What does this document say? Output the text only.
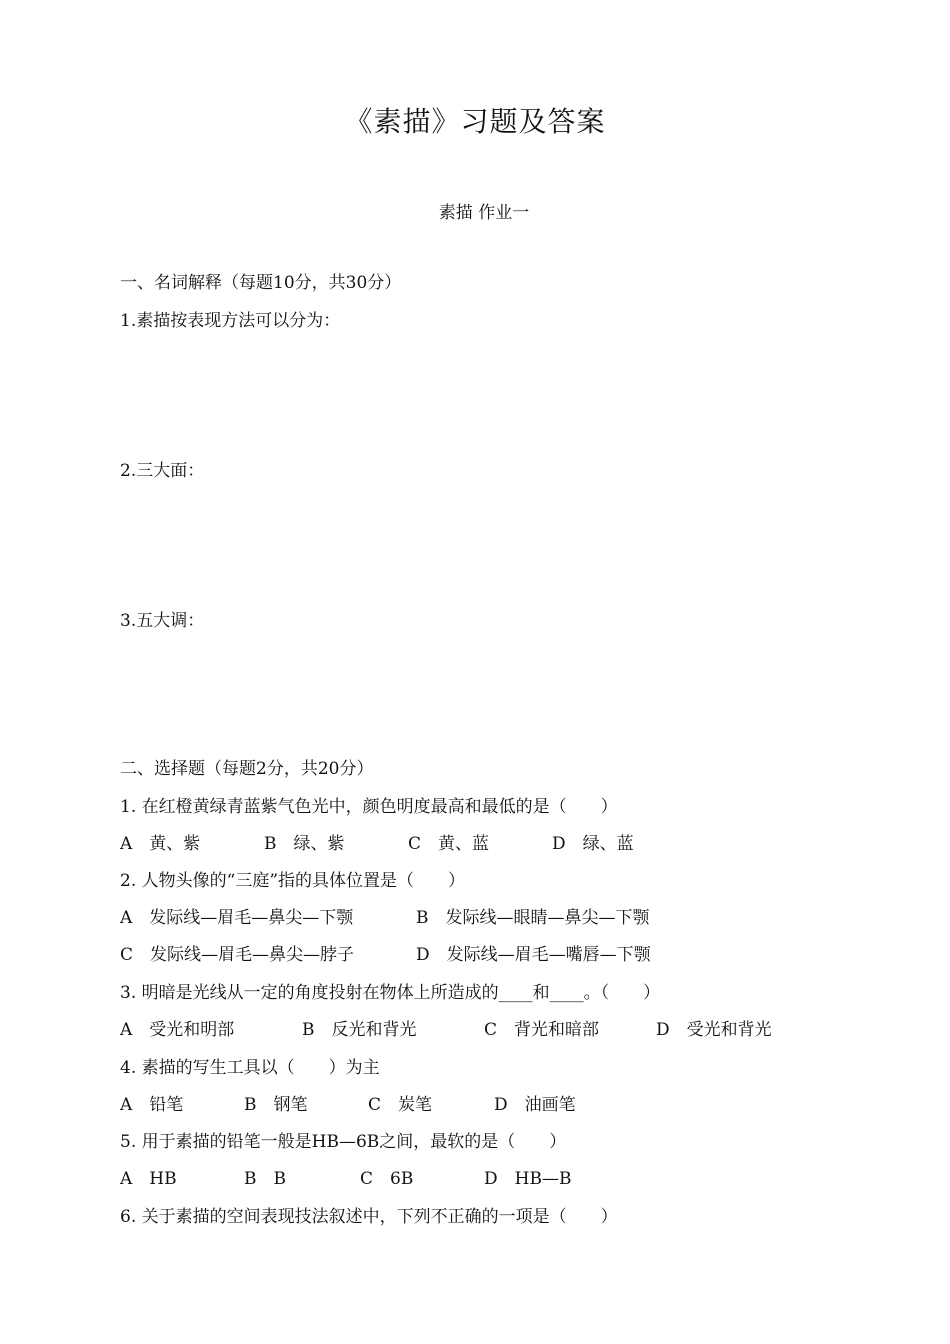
《素描》习题及答案
素描 作业一
一、名词解释（每题10分，共30分）
1.素描按表现方法可以分为：
2.三大面：
3.五大调：
二、选择题（每题2分，共20分）
1. 在红橙黄绿青蓝紫气色光中，颜色明度最高和最低的是（　　）
A　黄、紫	B　绿、紫	C　黄、蓝	D　绿、蓝
2. 人物头像的“三庭”指的具体位置是（　　）
A　发际线—眉毛—鼻尖—下颚	B　发际线—眼睛—鼻尖—下颚
C　发际线—眉毛—鼻尖—脖子	D　发际线—眉毛—嘴唇—下颚
3. 明暗是光线从一定的角度投射在物体上所造成的____和____。（　　）
A　受光和明部	B　反光和背光	C　背光和暗部	D　受光和背光
4. 素描的写生工具以（　　）为主
A　铅笔	B　钢笔	C　炭笔	D　油画笔
5. 用于素描的铅笔一般是HB—6B之间，最软的是（　　）
A　HB	B　B	C　6B	D　HB—B
6. 关于素描的空间表现技法叙述中，下列不正确的一项是（　　）
